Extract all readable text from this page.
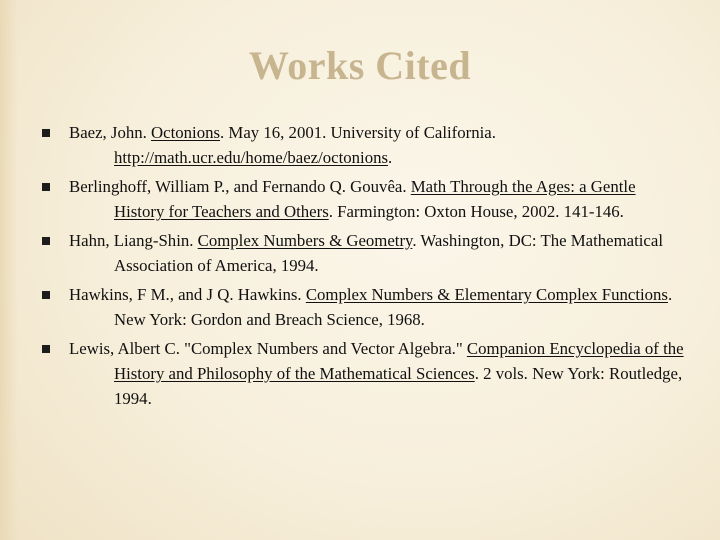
Works Cited
Baez, John. Octonions. May 16, 2001. University of California. http://math.ucr.edu/home/baez/octonions.
Berlinghoff, William P., and Fernando Q. Gouvêa. Math Through the Ages: a Gentle History for Teachers and Others. Farmington: Oxton House, 2002. 141-146.
Hahn, Liang-Shin. Complex Numbers & Geometry. Washington, DC: The Mathematical Association of America, 1994.
Hawkins, F M., and J Q. Hawkins. Complex Numbers & Elementary Complex Functions. New York: Gordon and Breach Science, 1968.
Lewis, Albert C. "Complex Numbers and Vector Algebra." Companion Encyclopedia of the History and Philosophy of the Mathematical Sciences. 2 vols. New York: Routledge, 1994.
